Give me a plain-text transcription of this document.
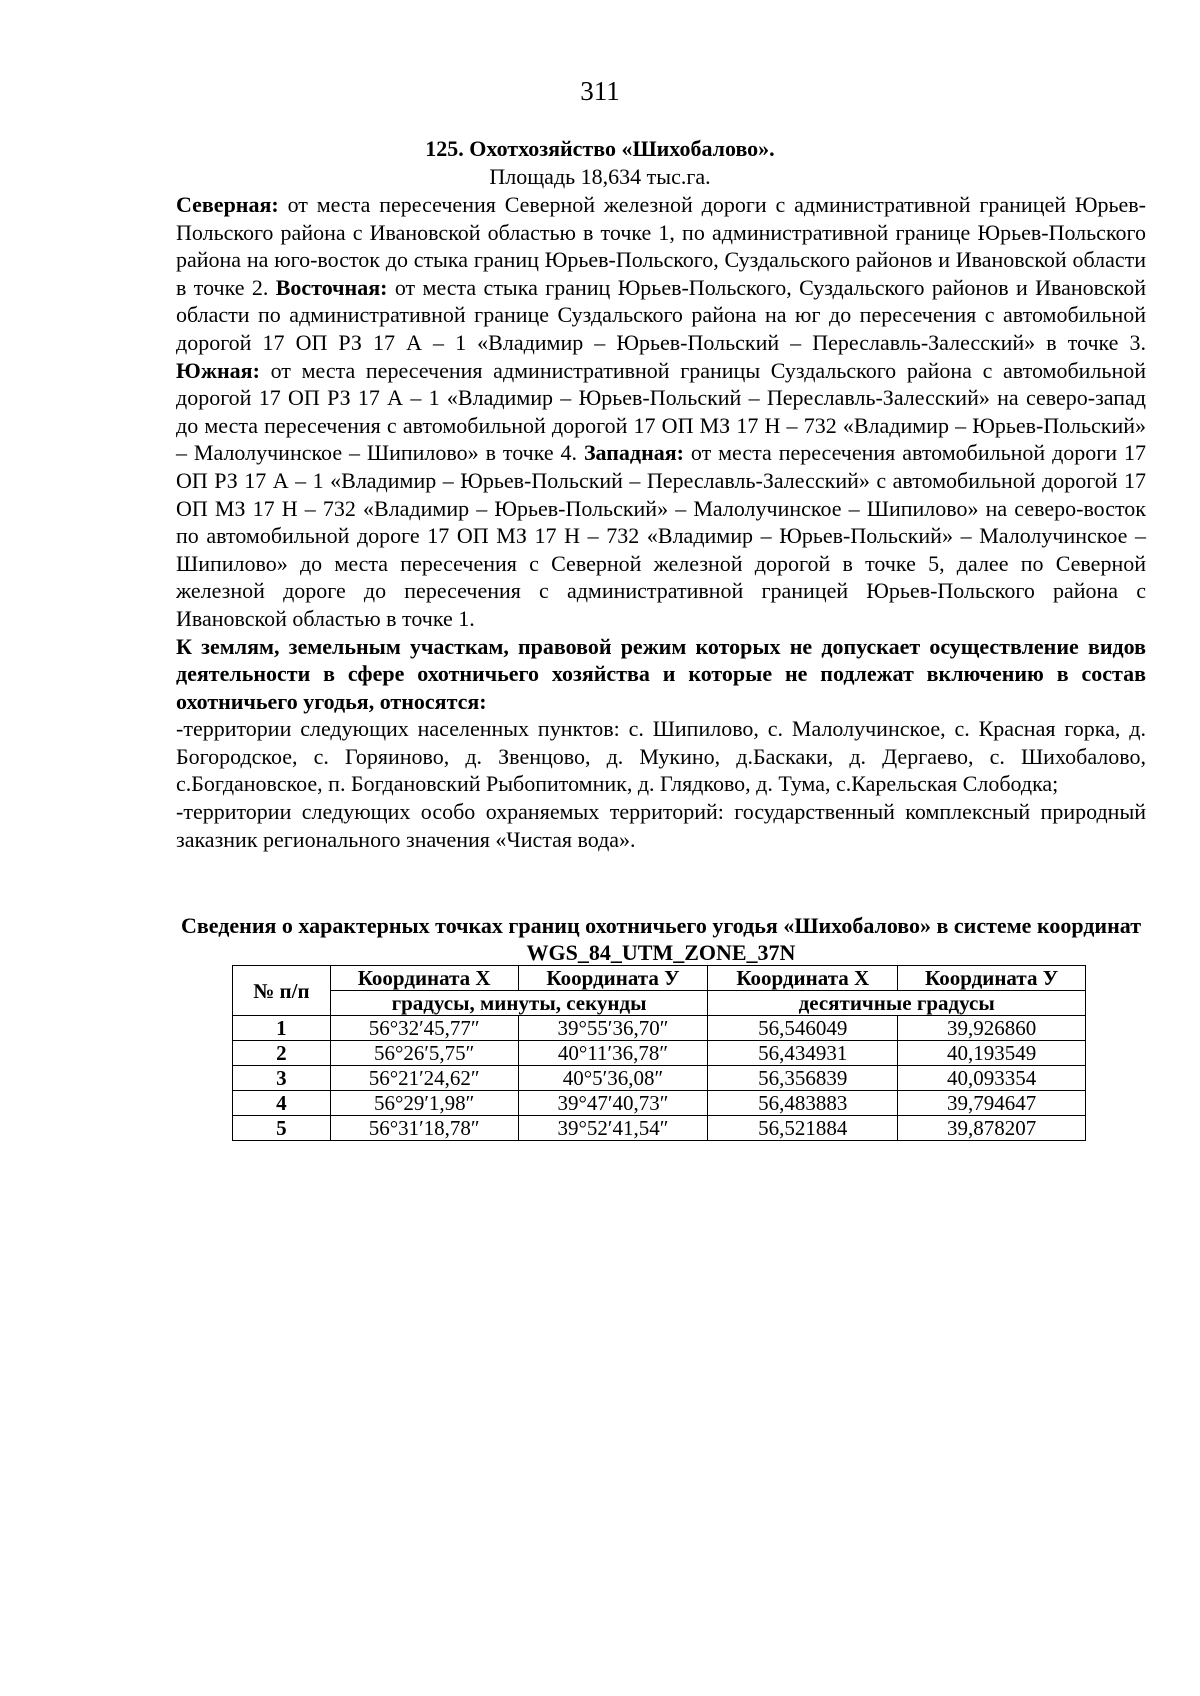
311
125. Охотхозяйство «Шихобалово».
Площадь 18,634 тыс.га.

Северная: от места пересечения Северной железной дороги с административной границей Юрьев-Польского района с Ивановской областью в точке 1, по административной границе Юрьев-Польского района на юго-восток до стыка границ Юрьев-Польского, Суздальского районов и Ивановской области в точке 2. Восточная: от места стыка границ Юрьев-Польского, Суздальского районов и Ивановской области по административной границе Суздальского района на юг до пересечения с автомобильной дорогой 17 ОП РЗ 17 А – 1 «Владимир – Юрьев-Польский – Переславль-Залесский» в точке 3. Южная: от места пересечения административной границы Суздальского района с автомобильной дорогой 17 ОП РЗ 17 А – 1 «Владимир – Юрьев-Польский – Переславль-Залесский» на северо-запад до места пересечения с автомобильной дорогой 17 ОП МЗ 17 Н – 732 «Владимир – Юрьев-Польский» – Малолучинское – Шипилово» в точке 4. Западная: от места пересечения автомобильной дороги 17 ОП РЗ 17 А – 1 «Владимир – Юрьев-Польский – Переславль-Залесский» с автомобильной дорогой 17 ОП МЗ 17 Н – 732 «Владимир – Юрьев-Польский» – Малолучинское – Шипилово» на северо-восток по автомобильной дороге 17 ОП МЗ 17 Н – 732 «Владимир – Юрьев-Польский» – Малолучинское – Шипилово» до места пересечения с Северной железной дорогой в точке 5, далее по Северной железной дороге до пересечения с административной границей Юрьев-Польского района с Ивановской областью в точке 1.

К землям, земельным участкам, правовой режим которых не допускает осуществление видов деятельности в сфере охотничьего хозяйства и которые не подлежат включению в состав охотничьего угодья, относятся:

-территории следующих населенных пунктов: с. Шипилово, с. Малолучинское, с. Красная горка, д. Богородское, с. Горяиново, д. Звенцово, д. Мукино, д.Баскаки, д. Дергаево, с. Шихобалово, с.Богдановское, п. Богдановский Рыбопитомник, д. Глядково, д. Тума, с.Карельская Слободка;

-территории следующих особо охраняемых территорий: государственный комплексный природный заказник регионального значения «Чистая вода».

Сведения о характерных точках границ охотничьего угодья «Шихобалово» в системе координат WGS_84_UTM_ZONE_37N
№ п/п	Координата X	Координата У	Координата X	Координата У
	градусы, минуты, секунды		десятичные градусы	
1	56°32′45,77″	39°55′36,70″	56,546049	39,926860
2	56°26′5,75″	40°11′36,78″	56,434931	40,193549
3	56°21′24,62″	40°5′36,08″	56,356839	40,093354
4	56°29′1,98″	39°47′40,73″	56,483883	39,794647
5	56°31′18,78″	39°52′41,54″	56,521884	39,878207
